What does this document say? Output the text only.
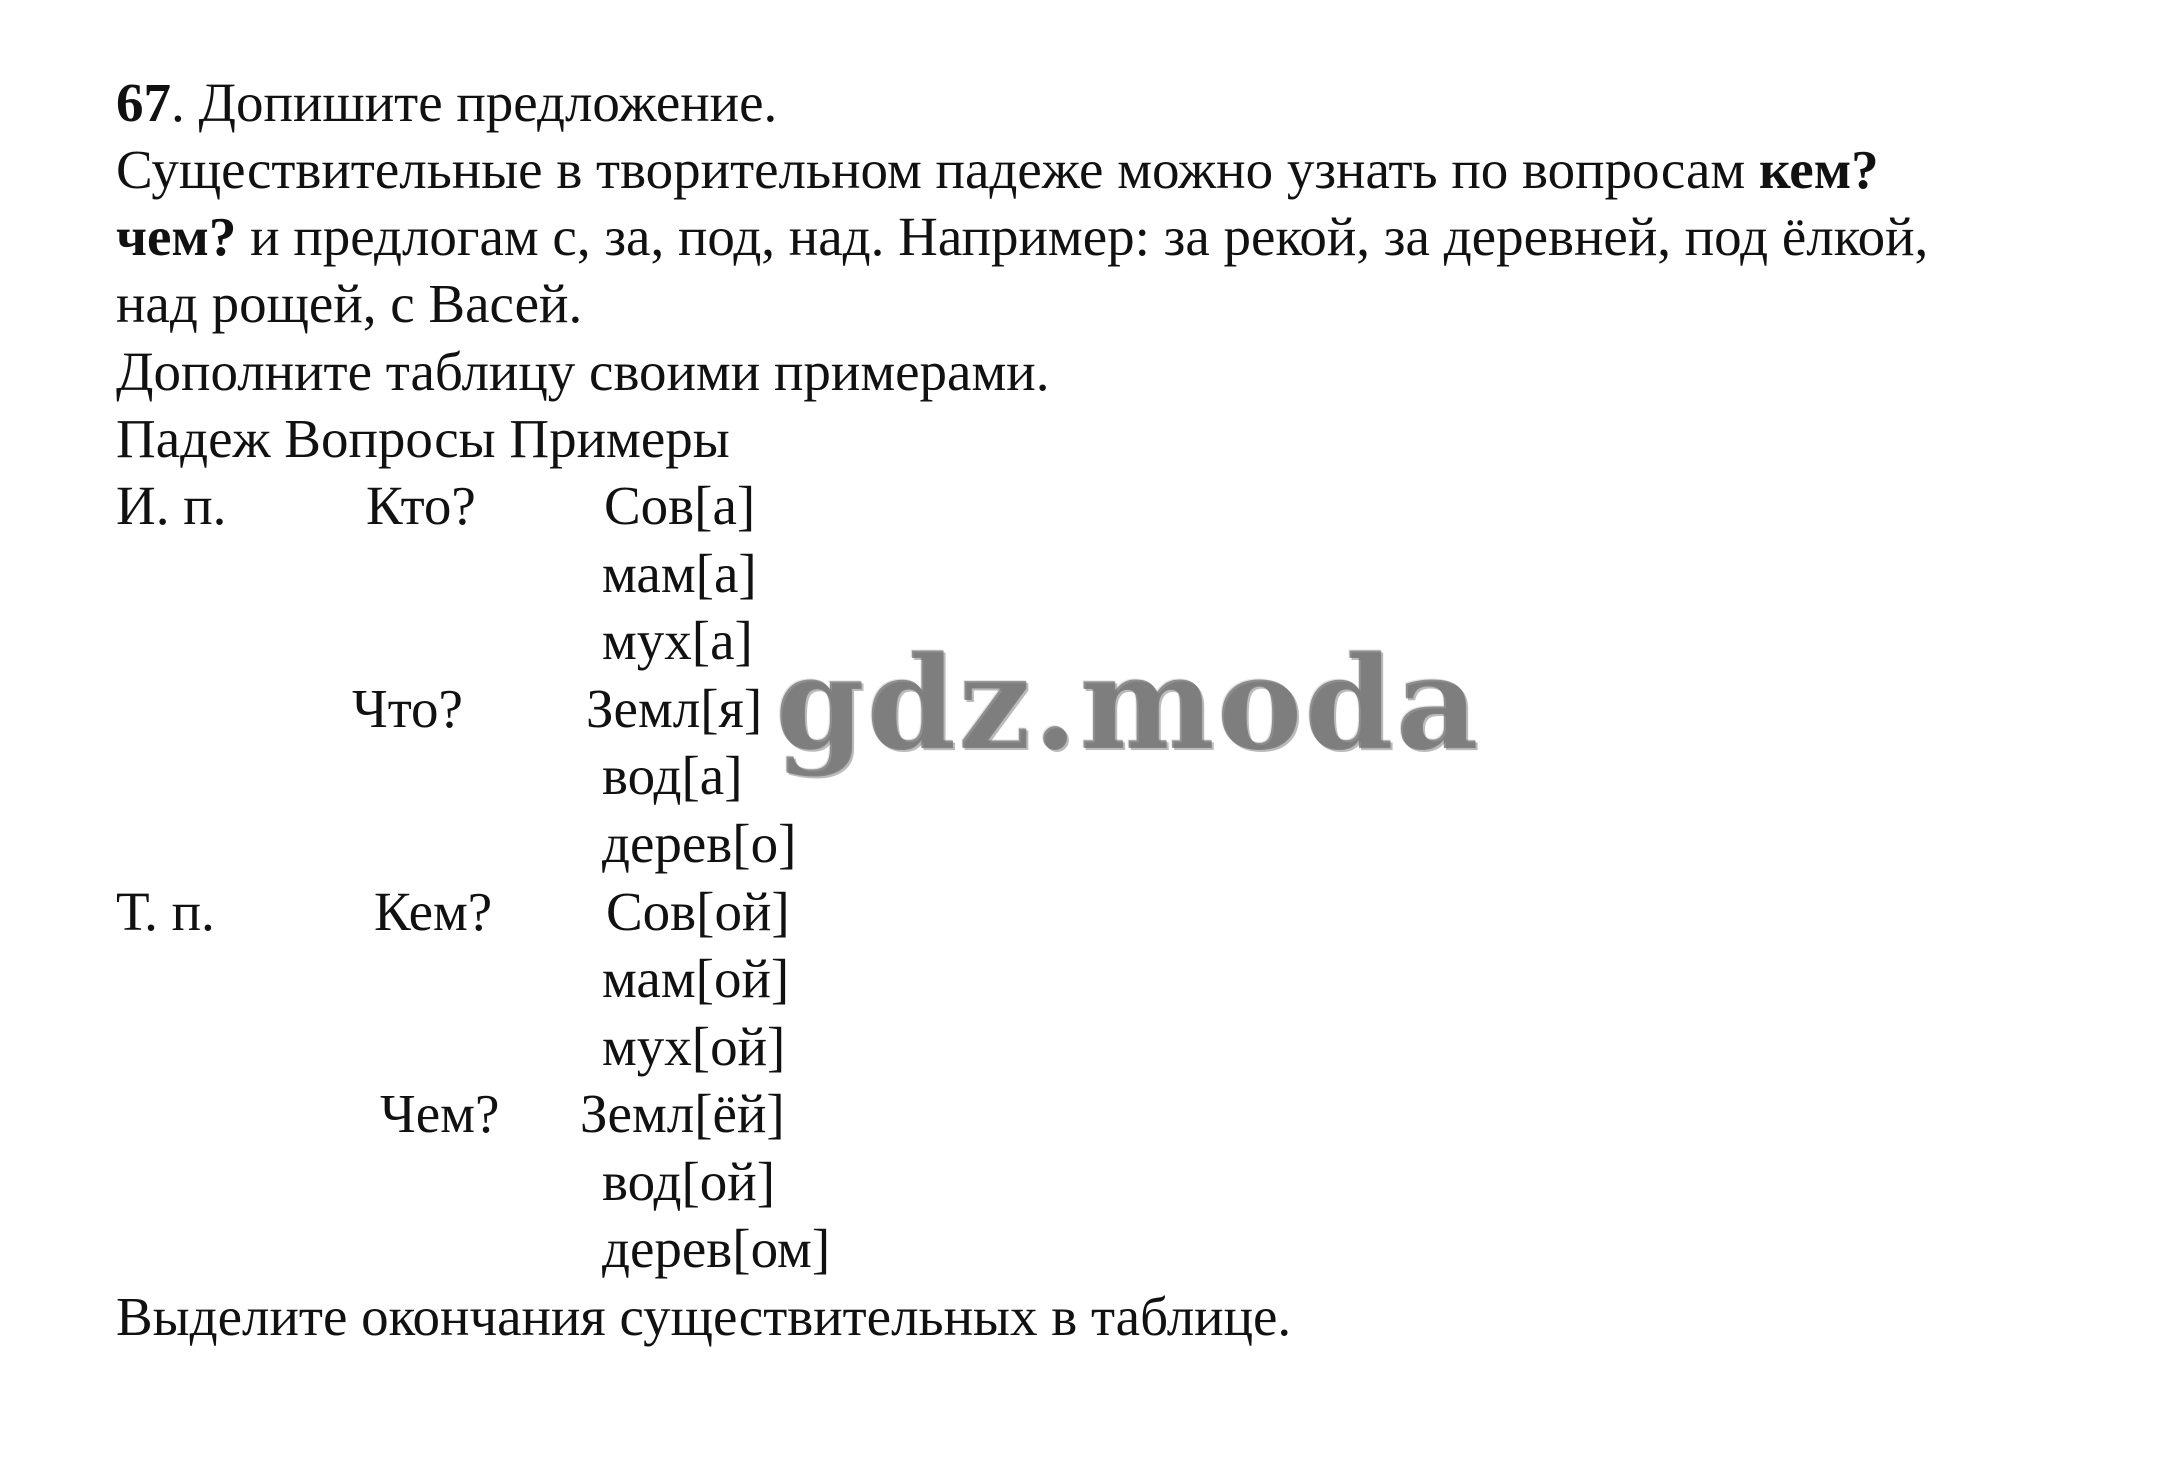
67. Допишите предложение.
Существительные в творительном падеже можно узнать по вопросам кем?
чем? и предлогам с, за, под, над. Например: за рекой, за деревней, под ёлкой,
над рощей, с Васей.
Дополните таблицу своими примерами.
Падеж Вопросы Примеры
И. п.	Кто? Сов[а]
мам[а]
мух[а]
Что? Земл[я]
вод[а]
дерев[о]
Т. п.	Кем? Сов[ой]
мам[ой]
мух[ой]
Чем? Земл[ёй]
вод[ой]
дерев[ом]
Выделите окончания существительных в таблице.
gdz.moda
